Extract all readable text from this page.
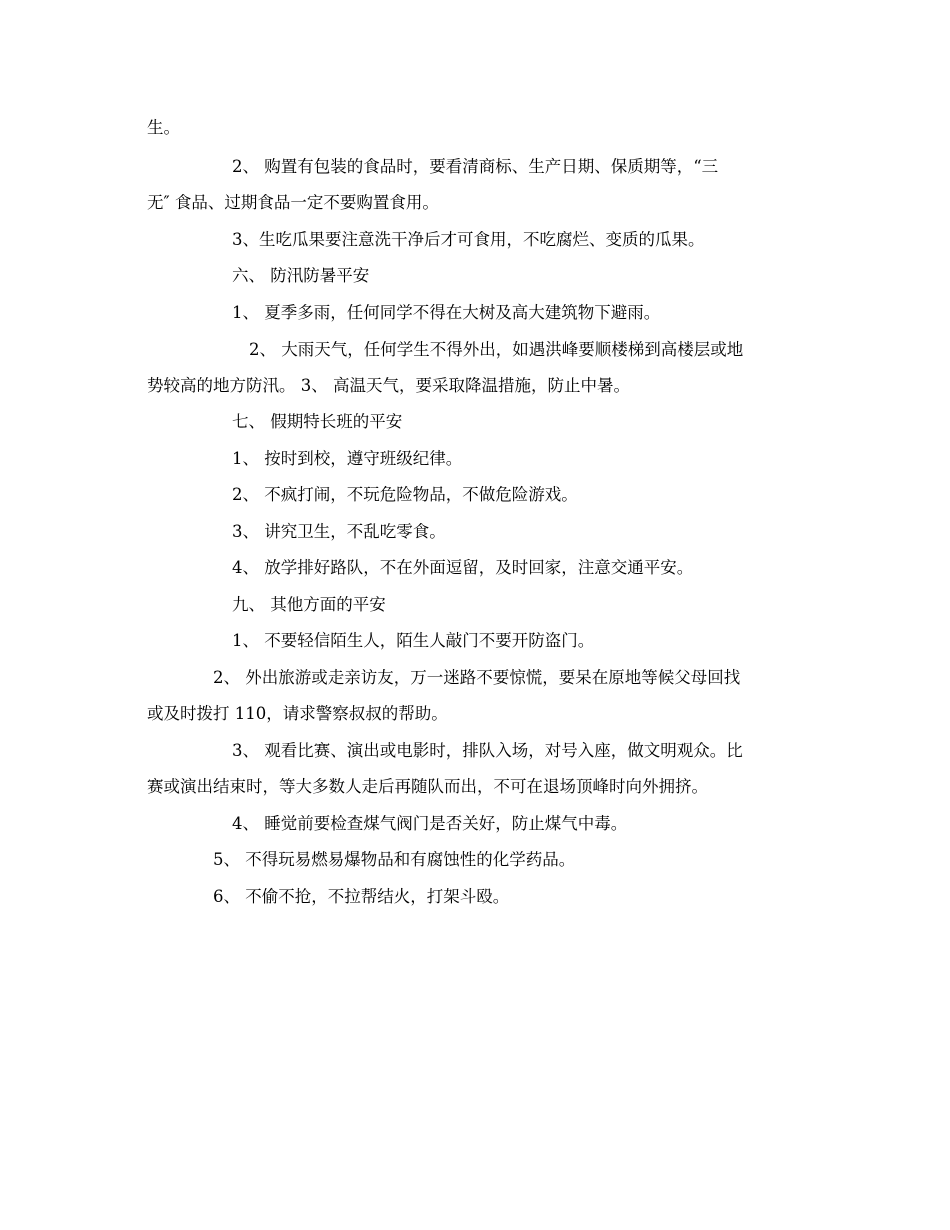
生。
2、 购置有包装的食品时，要看清商标、生产日期、保质期等，“三
无″ 食品、过期食品一定不要购置食用。
3、生吃瓜果要注意洗干净后才可食用，不吃腐烂、变质的瓜果。
六、 防汛防暑平安
1、 夏季多雨，任何同学不得在大树及高大建筑物下避雨。
2、 大雨天气，任何学生不得外出，如遇洪峰要顺楼梯到高楼层或地
势较高的地方防汛。 3、 高温天气，要采取降温措施，防止中暑。
七、 假期特长班的平安
1、 按时到校，遵守班级纪律。
2、 不疯打闹，不玩危险物品，不做危险游戏。
3、 讲究卫生，不乱吃零食。
4、 放学排好路队，不在外面逗留，及时回家，注意交通平安。
九、 其他方面的平安
1、 不要轻信陌生人，陌生人敲门不要开防盗门。
2、 外出旅游或走亲访友，万一迷路不要惊慌，要呆在原地等候父母回找
或及时拨打 110，请求警察叔叔的帮助。
3、 观看比赛、演出或电影时，排队入场，对号入座，做文明观众。比
赛或演出结束时，等大多数人走后再随队而出，不可在退场顶峰时向外拥挤。
4、 睡觉前要检查煤气阀门是否关好，防止煤气中毒。
5、 不得玩易燃易爆物品和有腐蚀性的化学药品。
6、 不偷不抢，不拉帮结火，打架斗殴。
